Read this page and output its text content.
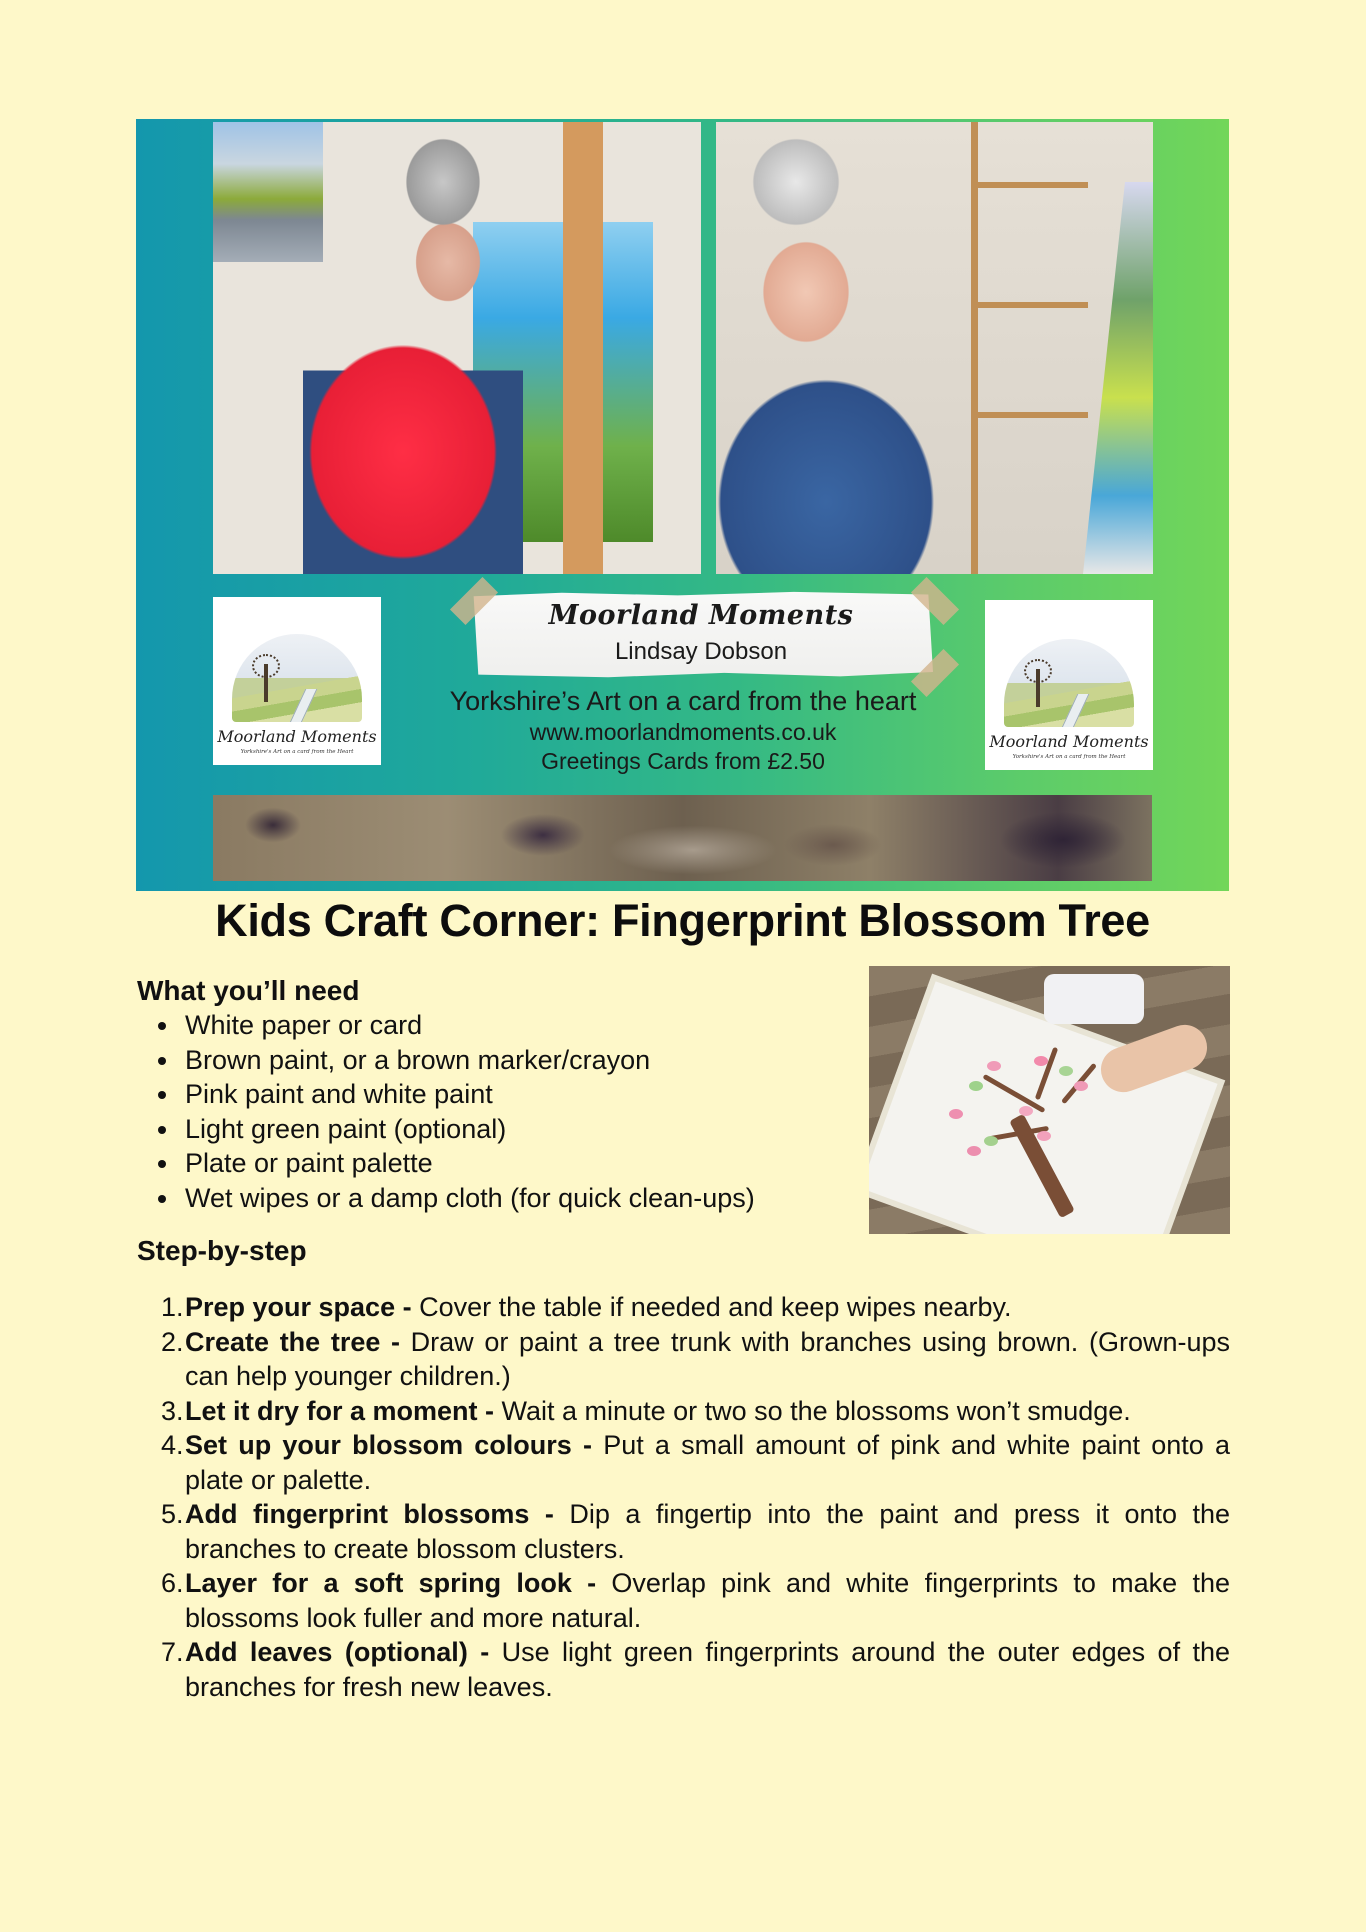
Moorland Moments
Yorkshire's Art on a card from the Heart
Moorland Moments
Yorkshire's Art on a card from the Heart
Moorland Moments
Lindsay Dobson
Yorkshire’s Art on a card from the heart
www.moorlandmoments.co.uk
Greetings Cards from £2.50
Kids Craft Corner: Fingerprint Blossom Tree
What you’ll need
White paper or card
Brown paint, or a brown marker/crayon
Pink paint and white paint
Light green paint (optional)
Plate or paint palette
Wet wipes or a damp cloth (for quick clean-ups)
Step-by-step
1. Prep your space - Cover the table if needed and keep wipes nearby.
2. Create the tree - Draw or paint a tree trunk with branches using brown. (Grown-ups can help younger children.)
3. Let it dry for a moment - Wait a minute or two so the blossoms won’t smudge.
4. Set up your blossom colours - Put a small amount of pink and white paint onto a plate or palette.
5. Add fingerprint blossoms - Dip a fingertip into the paint and press it onto the branches to create blossom clusters.
6. Layer for a soft spring look - Overlap pink and white fingerprints to make the blossoms look fuller and more natural.
7. Add leaves (optional) - Use light green fingerprints around the outer edges of the branches for fresh new leaves.
